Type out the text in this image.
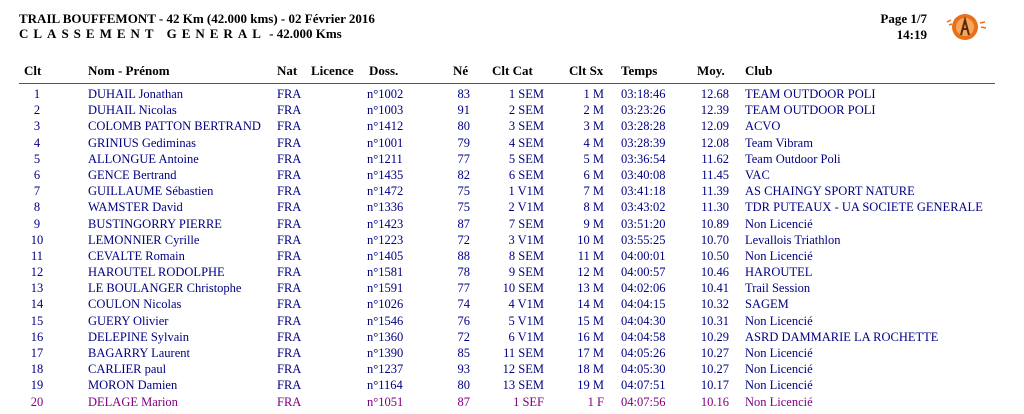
TRAIL BOUFFEMONT - 42 Km (42.000 kms) - 02 Février 2016
CLASSEMENT GENERAL - 42.000 Kms
Page 1/7
14:19
Clt	Nom - Prénom	Nat Licence Doss.	Né Clt Cat	Clt Sx Temps	Moy. Club
1	DUHAIL Jonathan	FRA	n°1002	83	1 SEM	1 M 03:18:46	12.68 TEAM OUTDOOR POLI
2	DUHAIL Nicolas	FRA	n°1003	91	2 SEM	2 M 03:23:26	12.39 TEAM OUTDOOR POLI
3	COLOMB PATTON BERTRAND	FRA	n°1412	80	3 SEM	3 M 03:28:28	12.09 ACVO
4	GRINIUS Gediminas	FRA	n°1001	79	4 SEM	4 M 03:28:39	12.08 Team Vibram
5	ALLONGUE Antoine	FRA	n°1211	77	5 SEM	5 M 03:36:54	11.62 Team Outdoor Poli
6	GENCE Bertrand	FRA	n°1435	82	6 SEM	6 M 03:40:08	11.45 VAC
7	GUILLAUME Sébastien	FRA	n°1472	75	1 V1M	7 M 03:41:18	11.39 AS CHAINGY SPORT NATURE
8	WAMSTER David	FRA	n°1336	75	2 V1M	8 M 03:43:02	11.30 TDR PUTEAUX - UA SOCIETE GENERALE
9	BUSTINGORRY PIERRE	FRA	n°1423	87	7 SEM	9 M 03:51:20	10.89 Non Licencié
10	LEMONNIER Cyrille	FRA	n°1223	72	3 V1M	10 M 03:55:25	10.70 Levallois Triathlon
11	CEVALTE Romain	FRA	n°1405	88	8 SEM	11 M 04:00:01	10.50 Non Licencié
12	HAROUTEL RODOLPHE	FRA	n°1581	78	9 SEM	12 M 04:00:57	10.46 HAROUTEL
13	LE BOULANGER Christophe	FRA	n°1591	77	10 SEM	13 M 04:02:06	10.41 Trail Session
14	COULON Nicolas	FRA	n°1026	74	4 V1M	14 M 04:04:15	10.32 SAGEM
15	GUERY Olivier	FRA	n°1546	76	5 V1M	15 M 04:04:30	10.31 Non Licencié
16	DELEPINE Sylvain	FRA	n°1360	72	6 V1M	16 M 04:04:58	10.29 ASRD DAMMARIE LA ROCHETTE
17	BAGARRY Laurent	FRA	n°1390	85	11 SEM	17 M 04:05:26	10.27 Non Licencié
18	CARLIER paul	FRA	n°1237	93	12 SEM	18 M 04:05:30	10.27 Non Licencié
19	MORON Damien	FRA	n°1164	80	13 SEM	19 M 04:07:51	10.17 Non Licencié
20	DELAGE Marion	FRA	n°1051	87	1 SEF	1 F 04:07:56	10.16 Non Licencié
